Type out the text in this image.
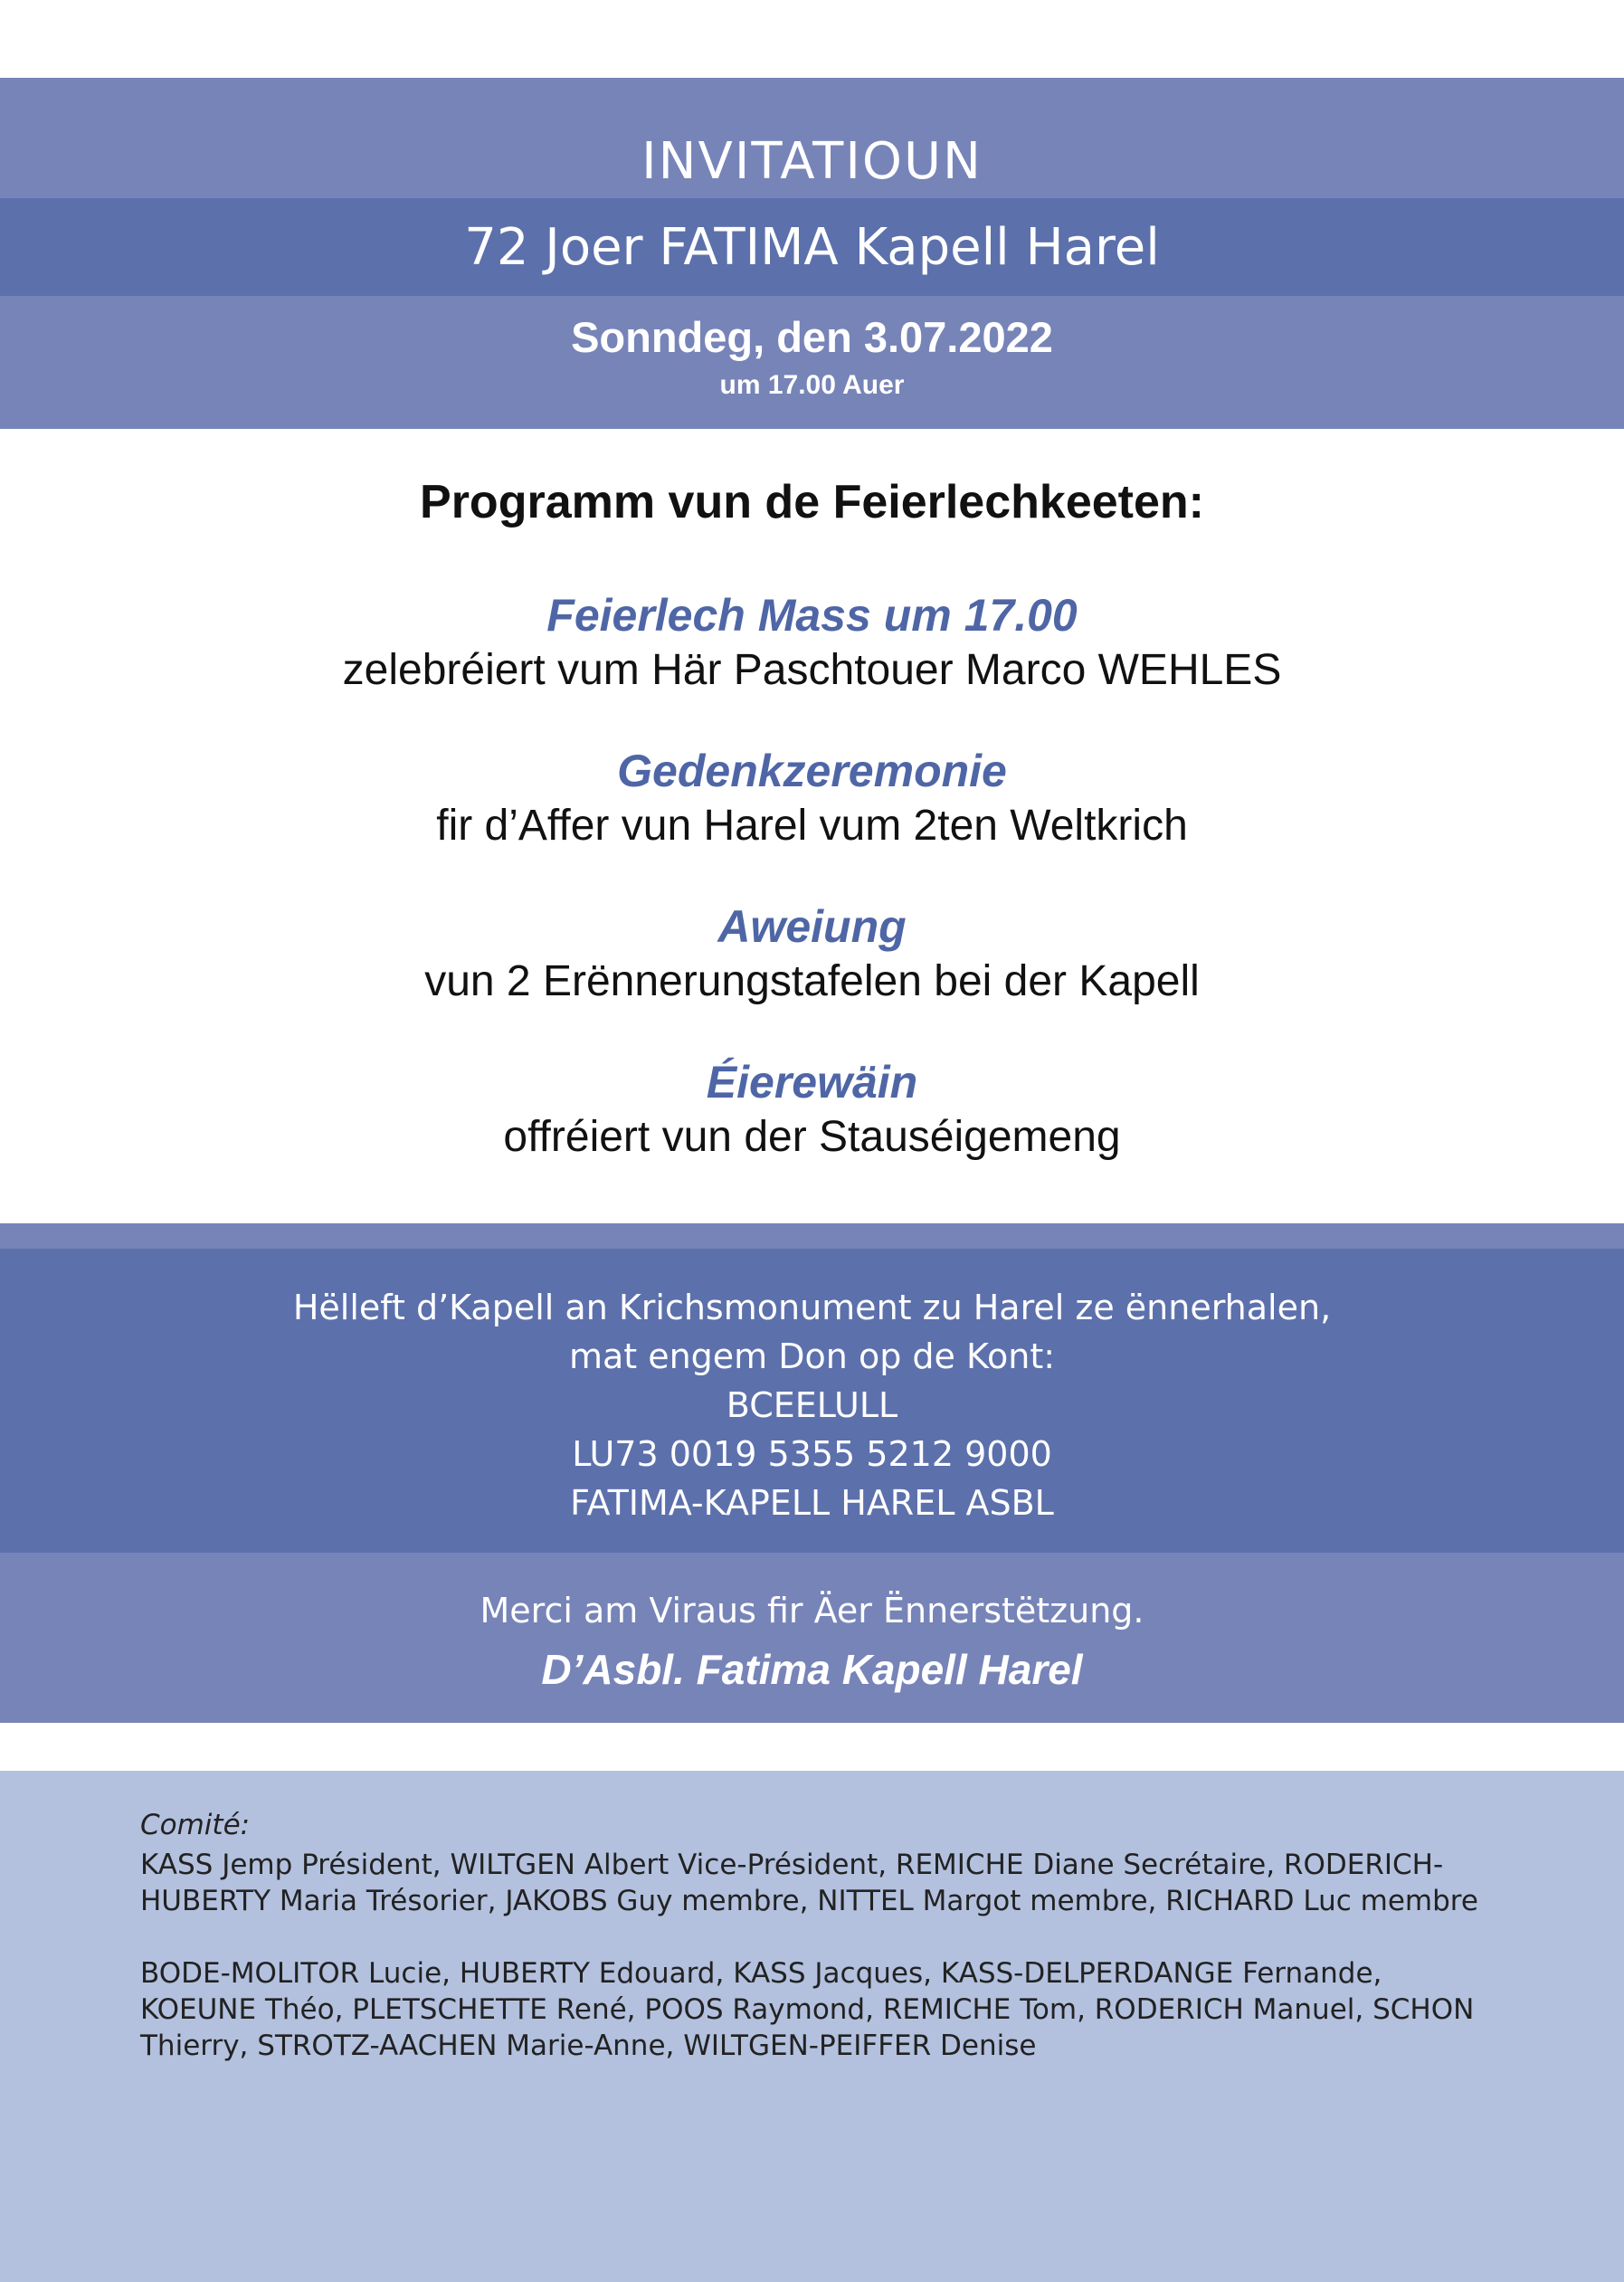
INVITATIOUN
72 Joer FATIMA Kapell Harel
Sonndeg, den 3.07.2022
um 17.00 Auer
Programm vun de Feierlechkeeten:
Feierlech Mass um 17.00
zelebréiert vum Här Paschtouer Marco WEHLES
Gedenkzeremonie
fir d’Affer vun Harel vum 2ten Weltkrich
Aweiung
vun 2 Erënnerungstafelen bei der Kapell
Éierewäin
offréiert vun der Stauséigemeng
Hëlleft d’Kapell an Krichsmonument zu Harel ze ënnerhalen,
mat engem Don op de Kont:
BCEELULL
LU73 0019 5355 5212 9000
FATIMA-KAPELL HAREL ASBL
Merci am Viraus fir Äer Ënnerstëtzung.
D’Asbl. Fatima Kapell Harel
Comité:

KASS Jemp Président, WILTGEN Albert Vice-Président, REMICHE Diane Secrétaire, RODERICH-HUBERTY Maria Trésorier, JAKOBS Guy membre, NITTEL Margot membre, RICHARD Luc membre

BODE-MOLITOR Lucie, HUBERTY Edouard, KASS Jacques, KASS-DELPERDANGE Fernande, KOEUNE Théo, PLETSCHETTE René, POOS Raymond, REMICHE Tom, RODERICH Manuel, SCHON Thierry, STROTZ-AACHEN Marie-Anne, WILTGEN-PEIFFER Denise
